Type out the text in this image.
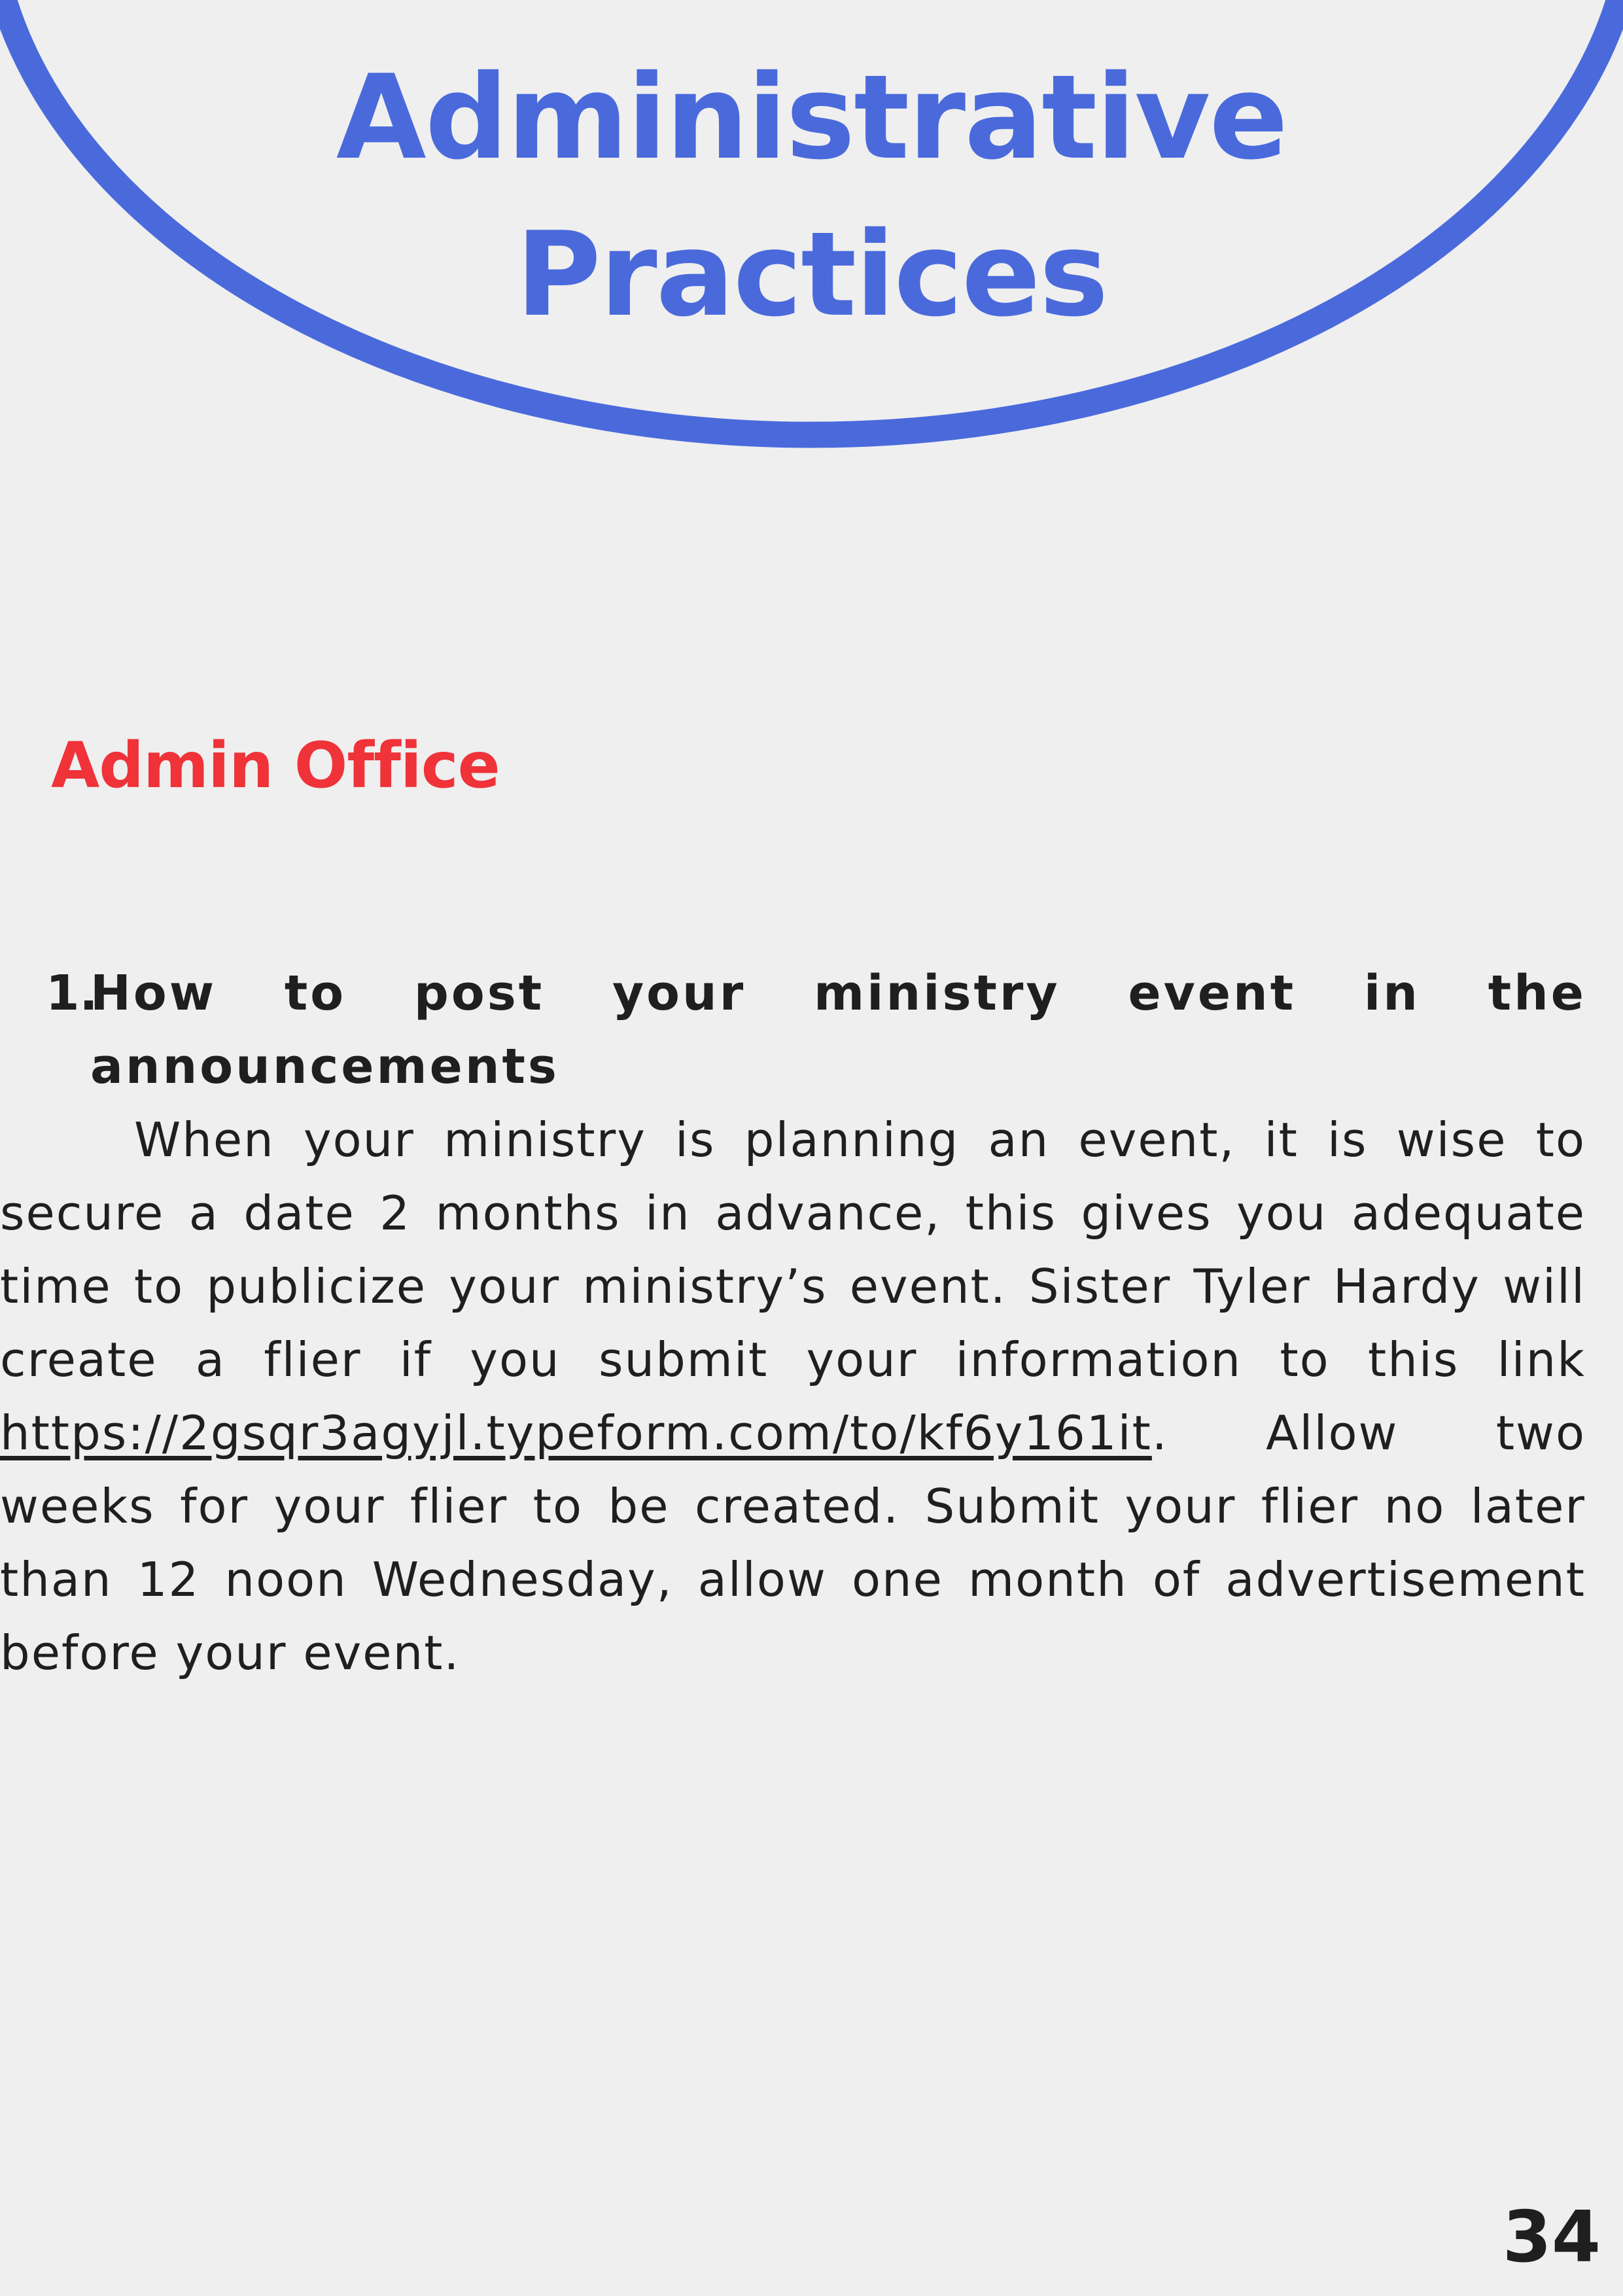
Administrative
Practices
Admin Office
1.

How to post your ministry event in the announcements

When your ministry is planning an event, it is wise to secure a date 2 months in advance, this gives you adequate time to publicize your ministry’s event. Sister Tyler Hardy will create a flier if you submit your information to this link https://2gsqr3agyjl.typeform.com/to/kf6y161it. Allow two weeks for your flier to be created. Submit your flier no later than 12 noon Wednesday, allow one month of advertisement before your event.

34
